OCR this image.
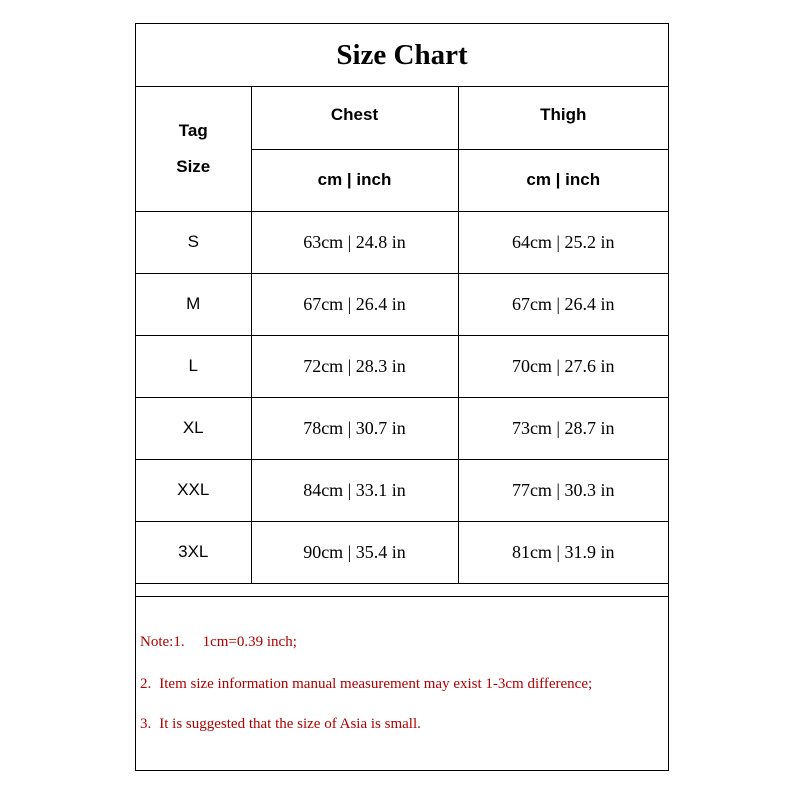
Size Chart
Tag
Size	Chest	Thigh
	cm | inch	cm | inch
S	63cm | 24.8 in	64cm | 25.2 in
M	67cm | 26.4 in	67cm | 26.4 in
L	72cm | 28.3 in	70cm | 27.6 in
XL	78cm | 30.7 in	73cm | 28.7 in
XXL	84cm | 33.1 in	77cm | 30.3 in
3XL	90cm | 35.4 in	81cm | 31.9 in
Note:1. 1cm=0.39 inch;
2. Item size information manual measurement may exist 1-3cm difference;
3. It is suggested that the size of Asia is small.
